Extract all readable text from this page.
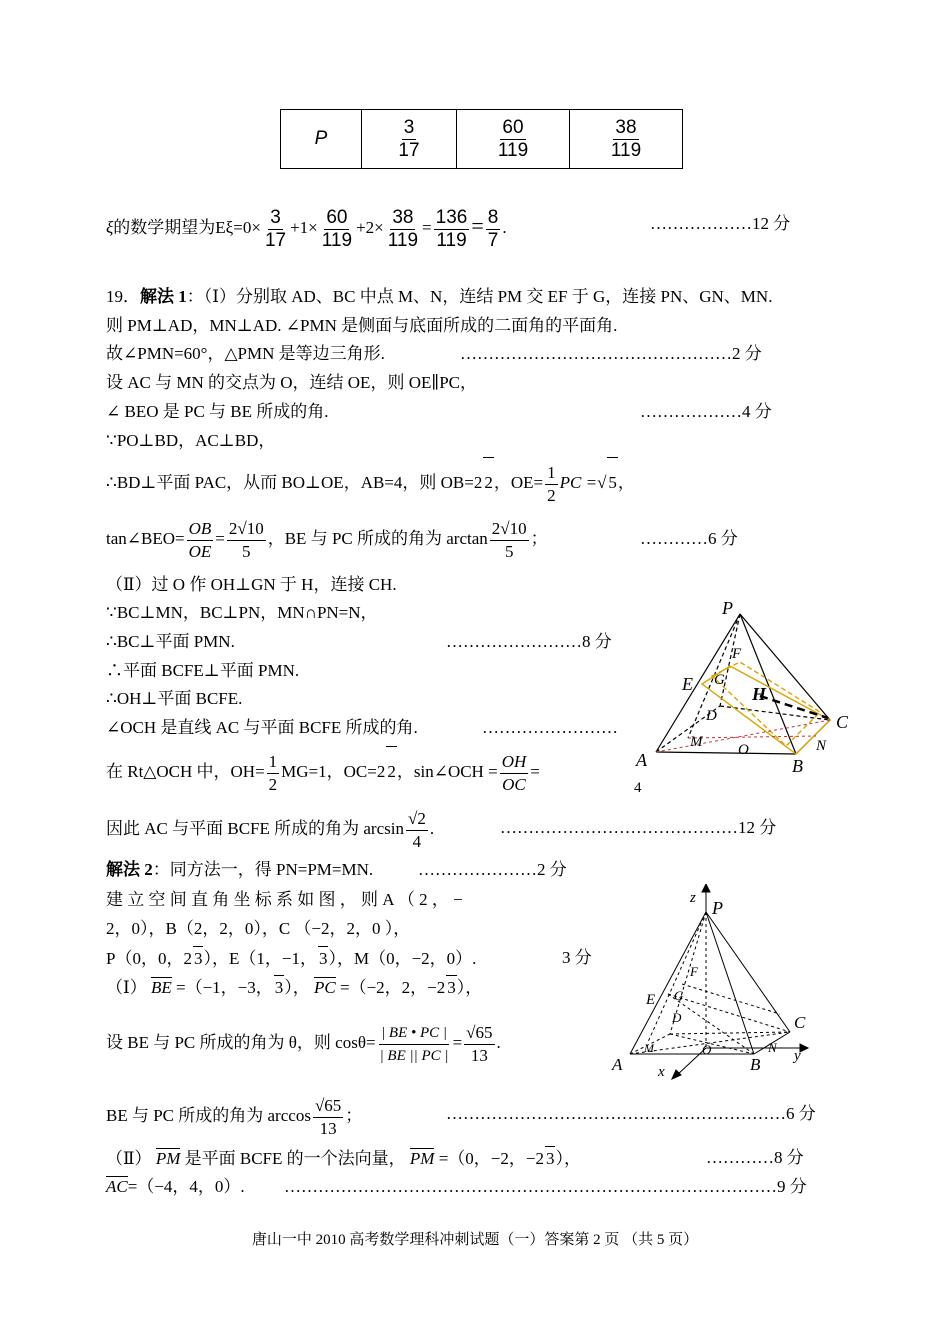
P	$\frac{3}{17}$	$\frac{60}{119}$	$\frac{38}{119}$
ξ的数学期望为$E\xi=0\times \frac{3}{17} +1\times \frac{60}{119} +2\times \frac{38}{119} = \frac{136}{119} = \frac{8}{7}$ .	………………12 分
19．解法 1：（Ⅰ）分别取 AD、BC 中点 M、N，连结 PM 交 EF 于 G，连接 PN、GN、MN.
则 PM⊥AD，MN⊥AD. ∠PMN 是侧面与底面所成的二面角的平面角.
故∠PMN=60°，△PMN 是等边三角形.	…………………………………………2 分
设 AC 与 MN 的交点为 O，连结 OE，则 OE∥PC，
∠ BEO 是 PC 与 BE 所成的角.	………………4 分
∵PO⊥BD，AC⊥BD，
∴BD⊥平面 PAC，从而 BO⊥OE，AB=4，则 OB=2 2，$OE= \frac{1}{2}$ PC =√ 5，
tan∠BEO= $\frac{OB}{OE} = \frac{2√10}{5}$ ，BE 与 PC 所成的角为 $\arctan \frac{2√10}{5}$ ；	…………6 分
（Ⅱ）过 O 作 OH⊥GN 于 H，连接 CH.
∵BC⊥MN，BC⊥PN，MN∩PN=N，
∴BC⊥平面 PMN.	……………………8 分
∴平面 BCFE⊥平面 PMN.
∴OH⊥平面 BCFE.
∠OCH 是直线 AC 与平面 BCFE 所成的角.	……………………
在 Rt△OCH 中，$OH= \frac{1}{2} MG=1$，OC=2 2，sin∠OCH = $\frac{OH}{OC}$ =
因此 AC 与平面 BCFE 所成的角为 $\arcsin \frac{√2}{4}$ .	……………………………………12 分
P
F
E G
H
D
M O
C
N
A	B
4
解法 2：同方法一，得 PN=PM=MN.	…………………2 分
建 立 空 间 直 角 坐 标 系 如 图 ， 则 A （ 2 ， −
2，0），B（2，2，0），C （−2，2，0 ），
P（0，0，2 3），E（1，−1， 3），M（0，−2，0）.	3 分
（Ⅰ） BE =（−1，−3， 3）， PC =（−2，2，−2 3），
设 BE 与 PC 所成的角为 θ，则 $\cos\theta= \frac{| BE • PC |}{| BE || PC |} = \frac{√65}{13}$ .
BE 与 PC 所成的角为 $\arccos \frac{√65}{13}$ ；	……………………………………………………6 分
（Ⅱ） PM 是平面 BCFE 的一个法向量， PM =（0，−2，−2 3），	…………8 分
AC=（−4，4，0）. ……………………………………………………………………………9 分
z P
F
G
E
D
M	O
C
N
y
A	B
x
唐山一中 2010 高考数学理科冲刺试题（一）答案第 2 页 （共 5 页）
